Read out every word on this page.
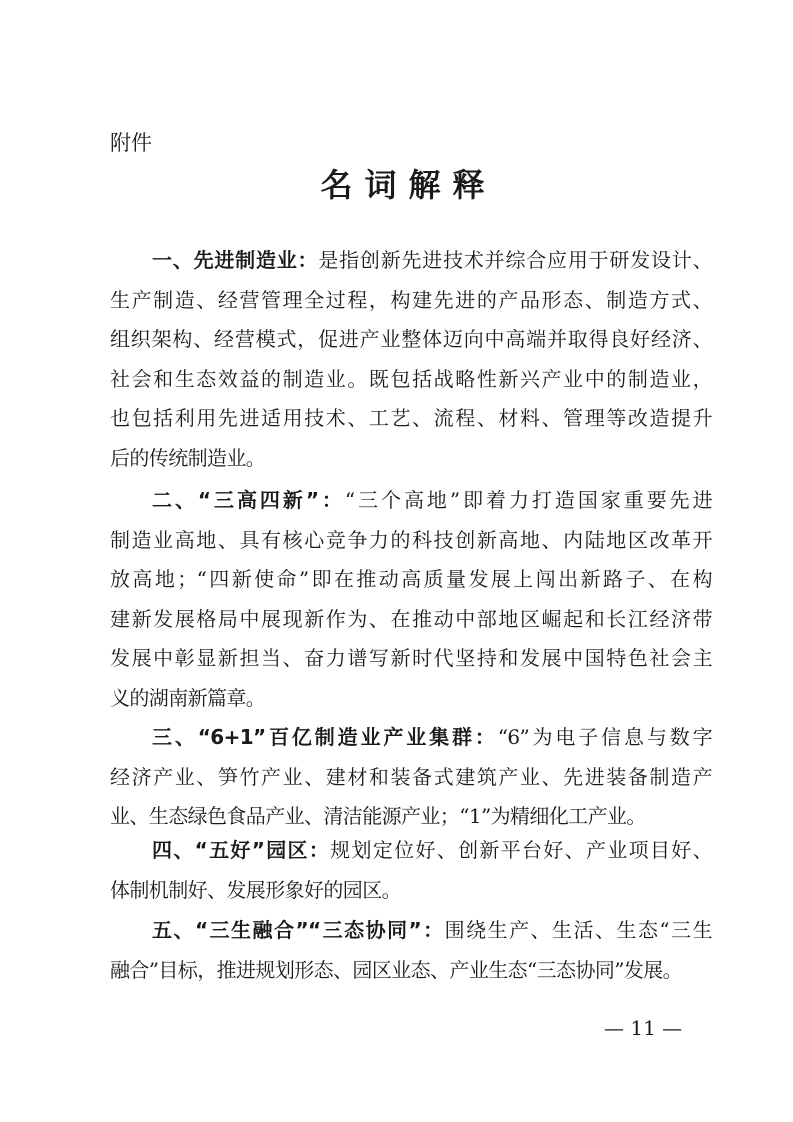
附件
名词解释
一、先进制造业：是指创新先进技术并综合应用于研发设计、
生产制造、经营管理全过程，构建先进的产品形态、制造方式、
组织架构、经营模式，促进产业整体迈向中高端并取得良好经济、
社会和生态效益的制造业。既包括战略性新兴产业中的制造业，
也包括利用先进适用技术、工艺、流程、材料、管理等改造提升
后的传统制造业。
二、“三高四新”：“三个高地”即着力打造国家重要先进
制造业高地、具有核心竞争力的科技创新高地、内陆地区改革开
放高地；“四新使命”即在推动高质量发展上闯出新路子、在构
建新发展格局中展现新作为、在推动中部地区崛起和长江经济带
发展中彰显新担当、奋力谱写新时代坚持和发展中国特色社会主
义的湖南新篇章。
三、“6+1”百亿制造业产业集群：“6”为电子信息与数字
经济产业、笋竹产业、建材和装备式建筑产业、先进装备制造产
业、生态绿色食品产业、清洁能源产业；“1”为精细化工产业。
四、“五好”园区：规划定位好、创新平台好、产业项目好、
体制机制好、发展形象好的园区。
五、“三生融合”“三态协同”：围绕生产、生活、生态“三生
融合”目标，推进规划形态、园区业态、产业生态“三态协同”发展。
— 11 —
